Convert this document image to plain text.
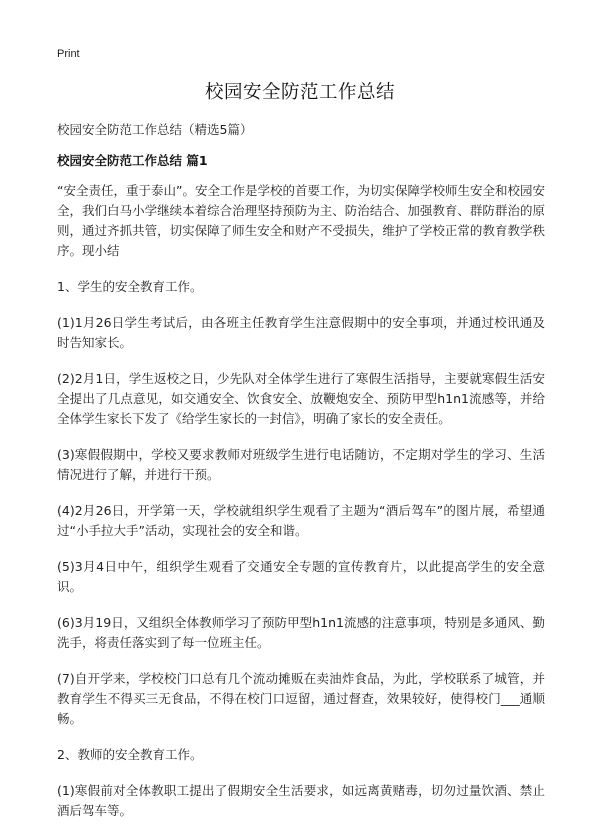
Print
校园安全防范工作总结
校园安全防范工作总结（精选5篇）
校园安全防范工作总结 篇1

“安全责任，重于泰山”。安全工作是学校的首要工作，为切实保障学校师生安全和校园安全，我们白马小学继续本着综合治理坚持预防为主、防治结合、加强教育、群防群治的原则，通过齐抓共管，切实保障了师生安全和财产不受损失，维护了学校正常的教育教学秩序。现小结

1、学生的安全教育工作。

(1)1月26日学生考试后，由各班主任教育学生注意假期中的安全事项，并通过校讯通及时告知家长。

(2)2月1日，学生返校之日，少先队对全体学生进行了寒假生活指导，主要就寒假生活安全提出了几点意见，如交通安全、饮食安全、放鞭炮安全、预防甲型h1n1流感等，并给全体学生家长下发了《给学生家长的一封信》，明确了家长的安全责任。

(3)寒假假期中，学校又要求教师对班级学生进行电话随访，不定期对学生的学习、生活情况进行了解，并进行干预。

(4)2月26日，开学第一天，学校就组织学生观看了主题为“酒后驾车”的图片展，希望通过“小手拉大手”活动，实现社会的安全和谐。

(5)3月4日中午，组织学生观看了交通安全专题的宣传教育片，以此提高学生的安全意识。

(6)3月19日，又组织全体教师学习了预防甲型h1n1流感的注意事项，特别是多通风、勤洗手，将责任落实到了每一位班主任。

(7)自开学来，学校校门口总有几个流动摊贩在卖油炸食品，为此，学校联系了城管，并教育学生不得买三无食品，不得在校门口逗留，通过督查，效果较好，使得校门___通顺畅。

2、教师的安全教育工作。

(1)寒假前对全体教职工提出了假期安全生活要求，如远离黄赌毒，切勿过量饮酒、禁止酒后驾车等。
